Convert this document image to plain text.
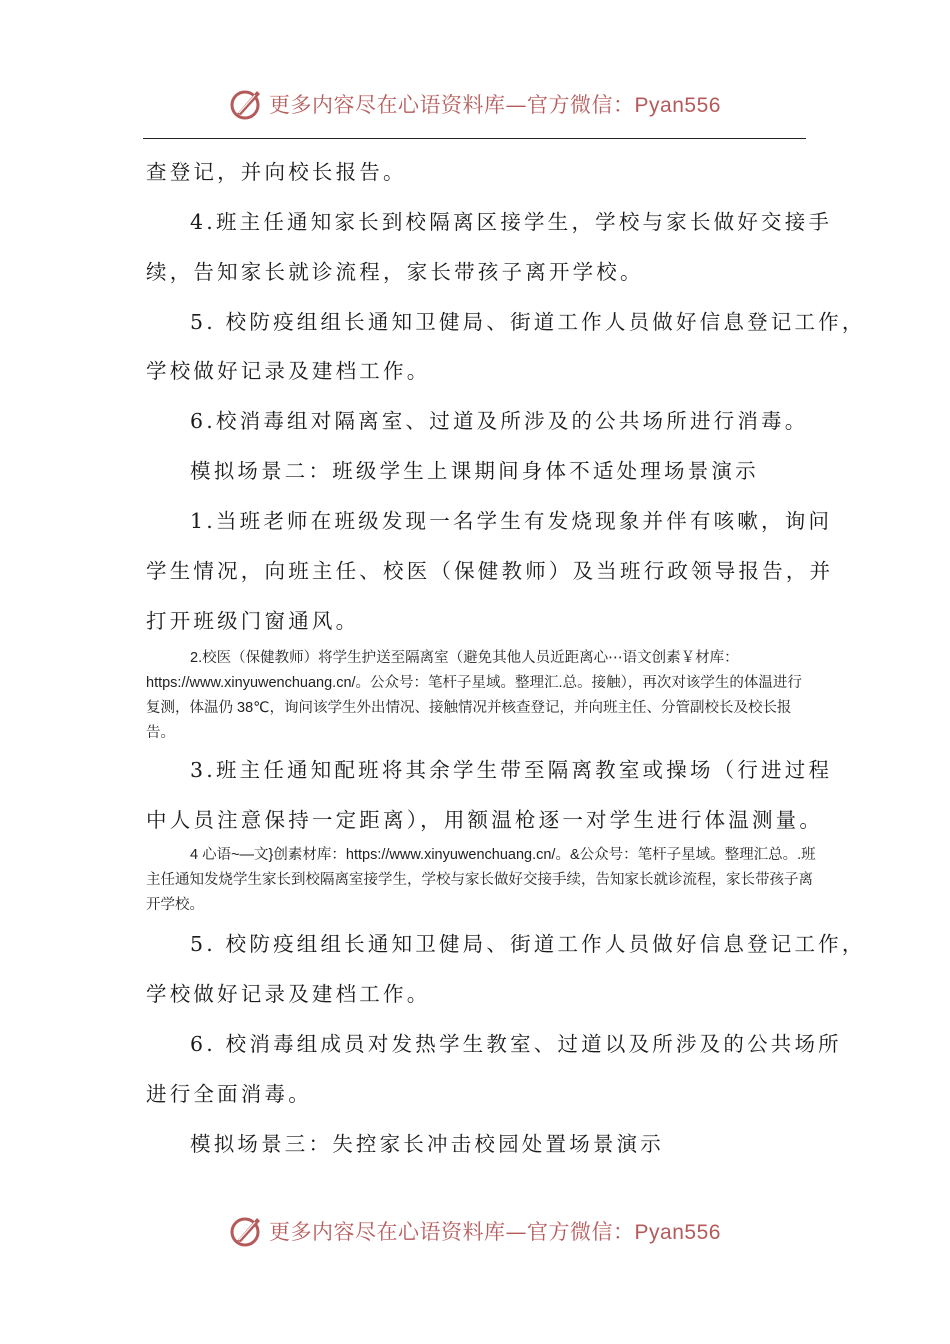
更多内容尽在心语资料库—官方微信：Pyan556
查登记，并向校长报告。
4.班主任通知家长到校隔离区接学生，学校与家长做好交接手
续，告知家长就诊流程，家长带孩子离开学校。
5. 校防疫组组长通知卫健局、街道工作人员做好信息登记工作，
学校做好记录及建档工作。
6.校消毒组对隔离室、过道及所涉及的公共场所进行消毒。
模拟场景二：班级学生上课期间身体不适处理场景演示
1.当班老师在班级发现一名学生有发烧现象并伴有咳嗽，询问
学生情况，向班主任、校医（保健教师）及当班行政领导报告，并
打开班级门窗通风。
2.校医（保健教师）将学生护送至隔离室（避免其他人员近距离心⋯语文创素￥材库：https://www.xinyuwenchuang.cn/。公众号：笔杆子星域。整理汇.总。接触），再次对该学生的体温进行复测，体温仍 38℃，询问该学生外出情况、接触情况并核查登记，并向班主任、分管副校长及校长报告。
3.班主任通知配班将其余学生带至隔离教室或操场（行进过程
中人员注意保持一定距离），用额温枪逐一对学生进行体温测量。
4 心语~—文}创素材库：https://www.xinyuwenchuang.cn/。&公众号：笔杆子星域。整理汇总。.班主任通知发烧学生家长到校隔离室接学生，学校与家长做好交接手续，告知家长就诊流程，家长带孩子离开学校。
5. 校防疫组组长通知卫健局、街道工作人员做好信息登记工作，
学校做好记录及建档工作。
6. 校消毒组成员对发热学生教室、过道以及所涉及的公共场所
进行全面消毒。
模拟场景三：失控家长冲击校园处置场景演示
更多内容尽在心语资料库—官方微信：Pyan556
